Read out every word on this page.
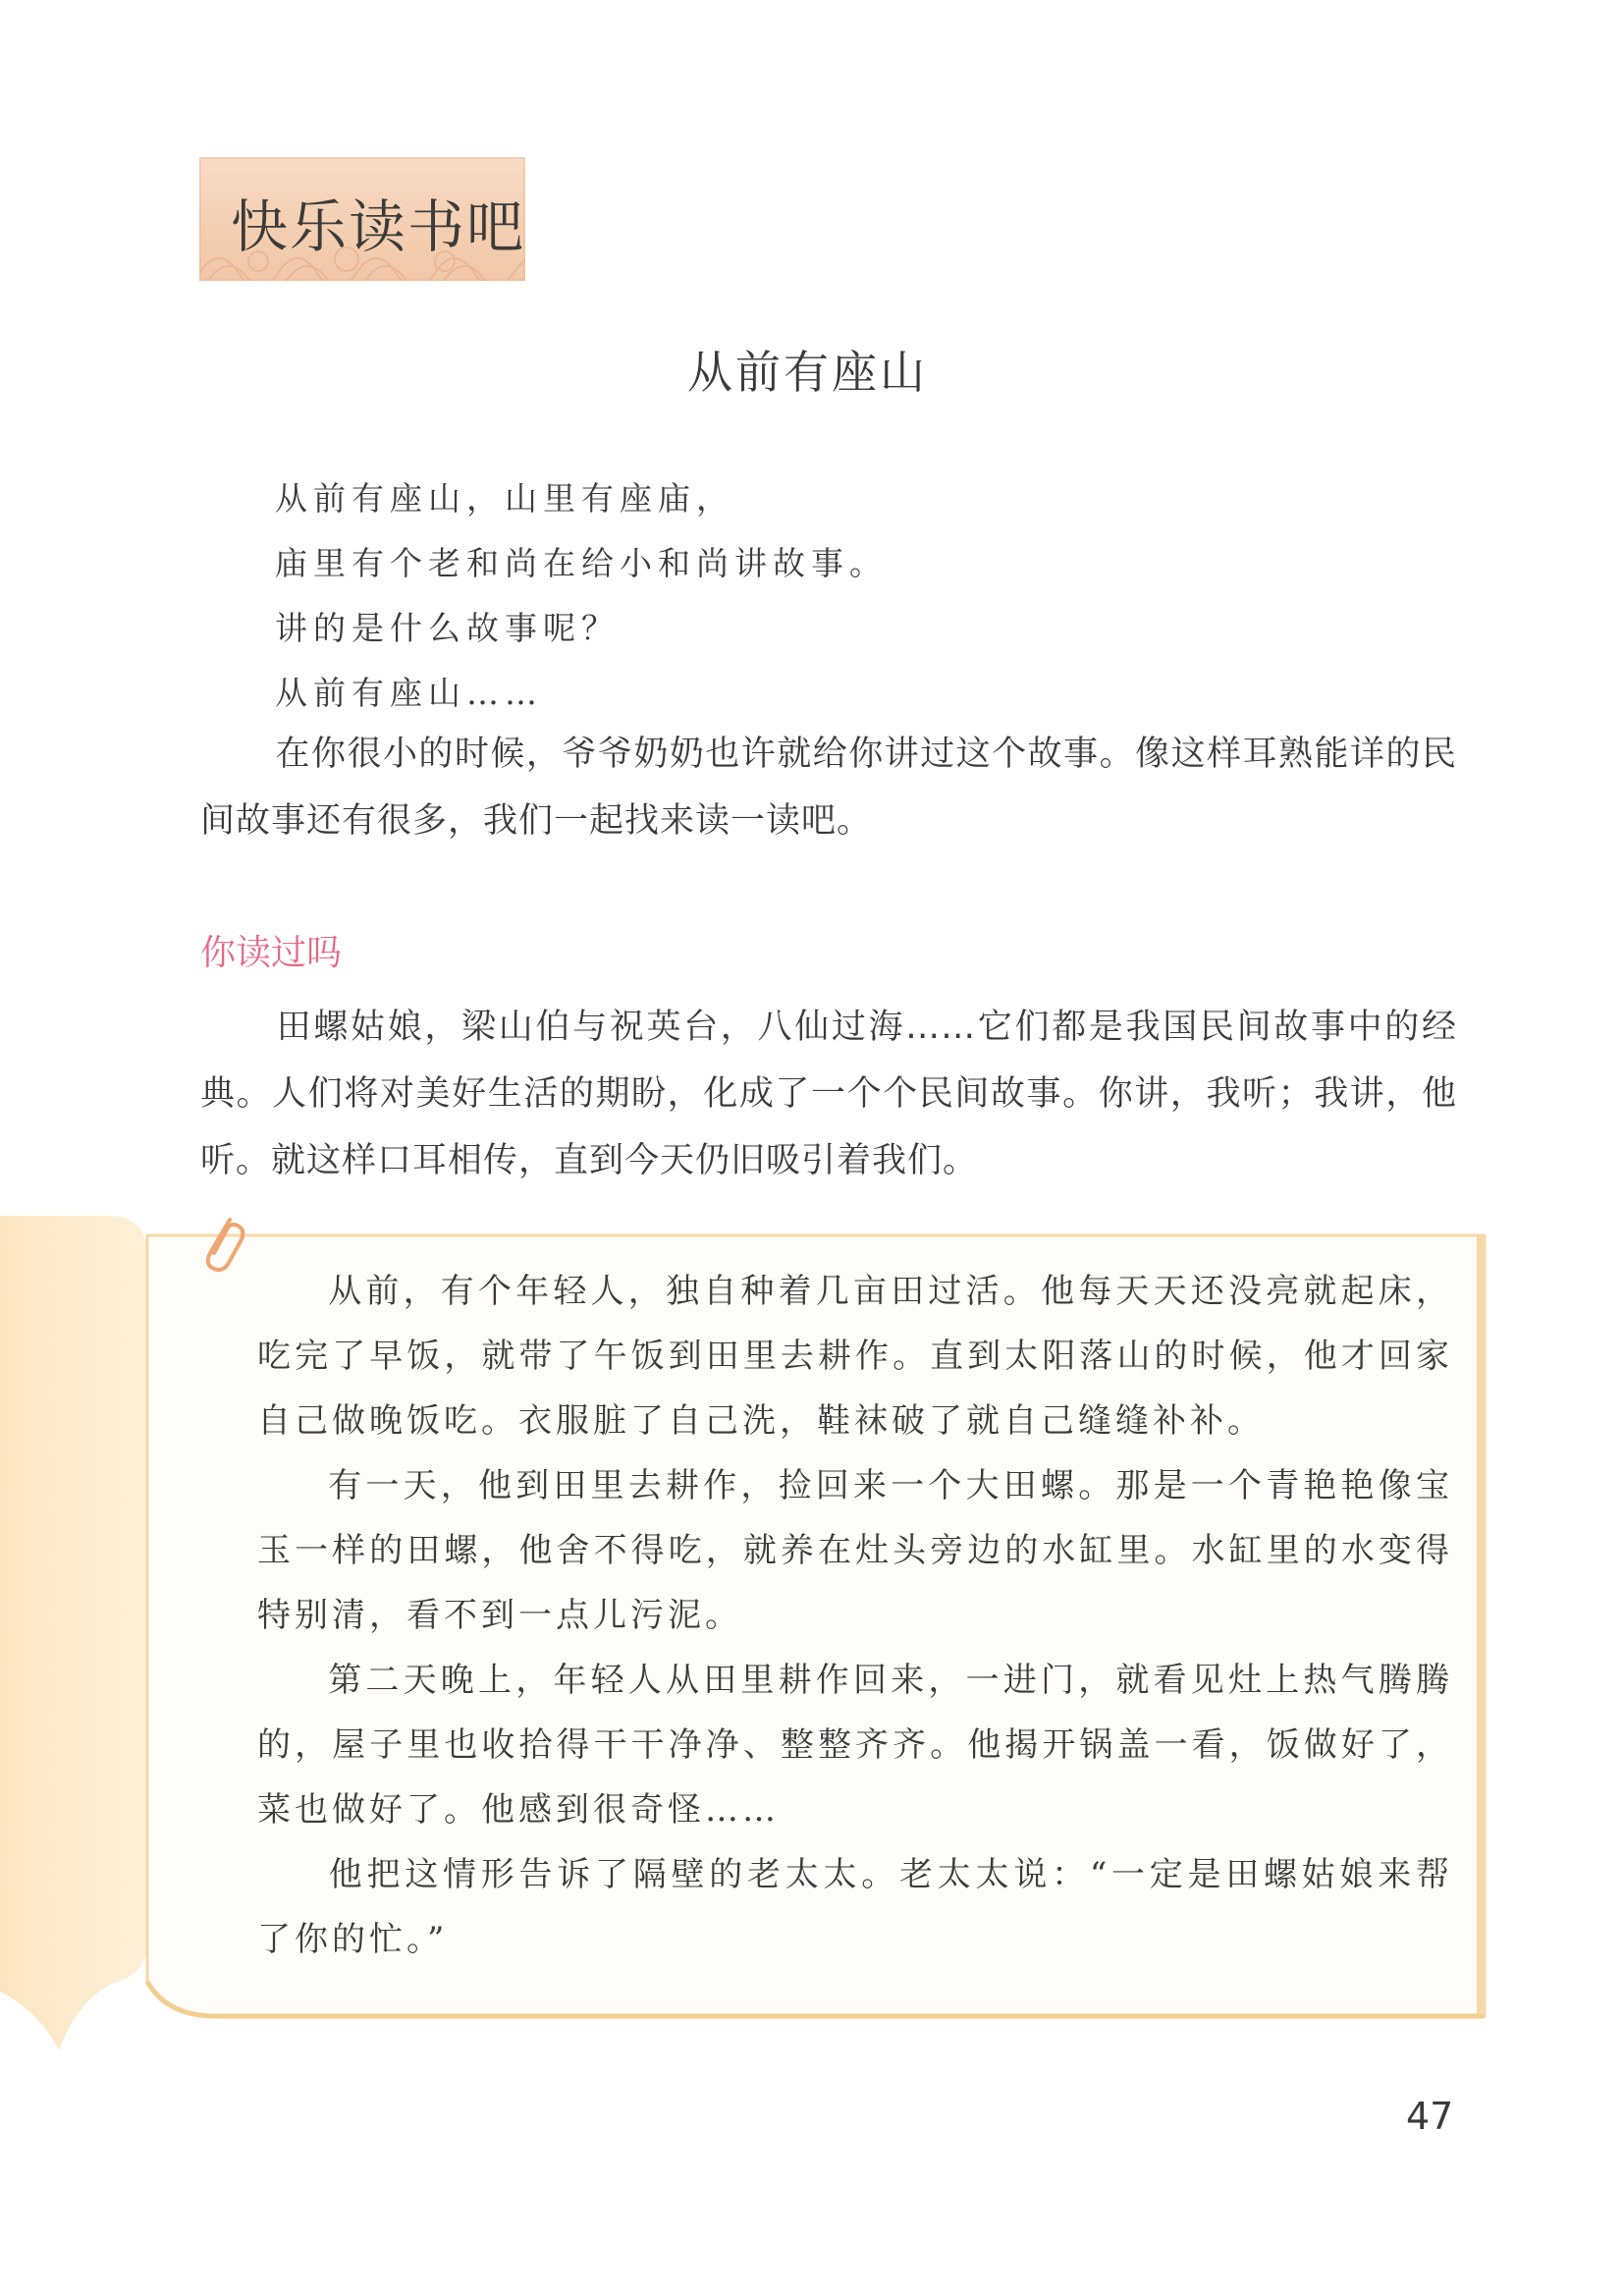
快乐读书吧
从前有座山
从前有座山，山里有座庙，
庙里有个老和尚在给小和尚讲故事。
讲的是什么故事呢？
从前有座山……
在你很小的时候，爷爷奶奶也许就给你讲过这个故事。像这样耳熟能详的民间故事还有很多，我们一起找来读一读吧。
你读过吗
田螺姑娘，梁山伯与祝英台，八仙过海……它们都是我国民间故事中的经典。人们将对美好生活的期盼，化成了一个个民间故事。你讲，我听；我讲，他听。就这样口耳相传，直到今天仍旧吸引着我们。
从前，有个年轻人，独自种着几亩田过活。他每天天还没亮就起床，吃完了早饭，就带了午饭到田里去耕作。直到太阳落山的时候，他才回家自己做晚饭吃。衣服脏了自己洗，鞋袜破了就自己缝缝补补。
有一天，他到田里去耕作，捡回来一个大田螺。那是一个青艳艳像宝玉一样的田螺，他舍不得吃，就养在灶头旁边的水缸里。水缸里的水变得特别清，看不到一点儿污泥。
第二天晚上，年轻人从田里耕作回来，一进门，就看见灶上热气腾腾的，屋子里也收拾得干干净净、整整齐齐。他揭开锅盖一看，饭做好了，菜也做好了。他感到很奇怪……
他把这情形告诉了隔壁的老太太。老太太说：“一定是田螺姑娘来帮了你的忙。”
47
